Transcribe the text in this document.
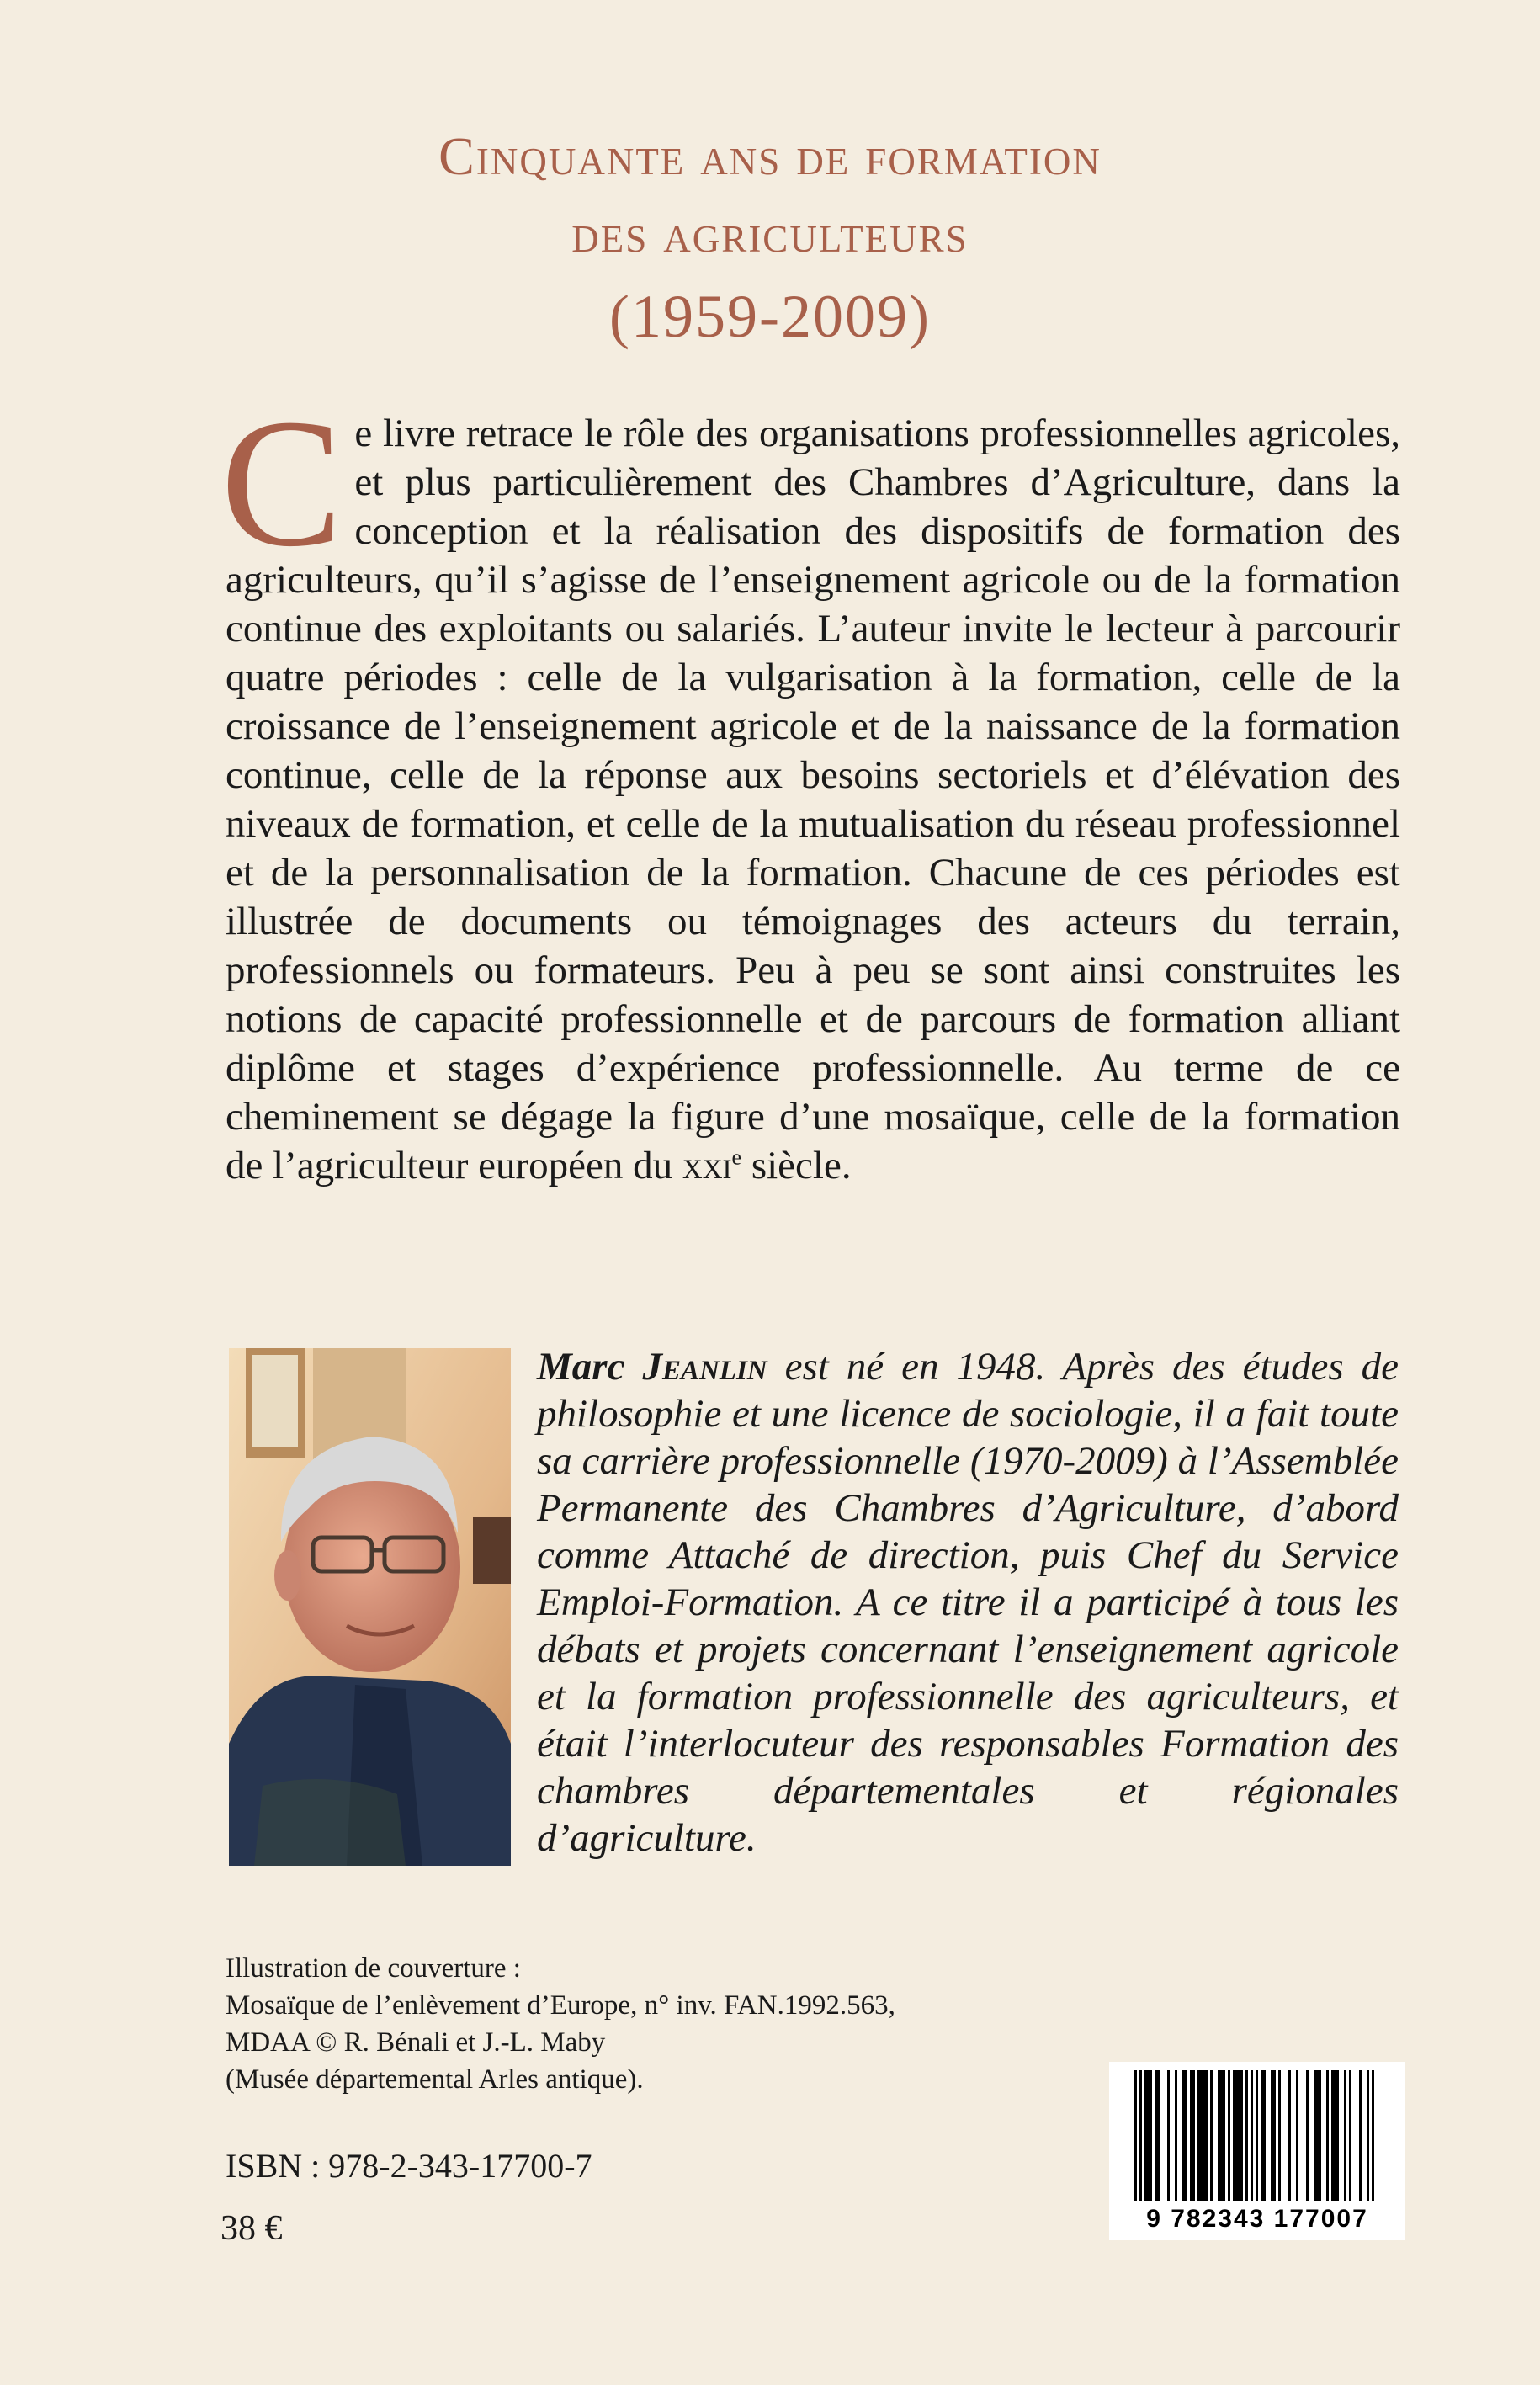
Cinquante ans de formation
des agriculteurs
(1959-2009)
Ce livre retrace le rôle des organisations professionnelles agricoles, et plus particulièrement des Chambres d’Agriculture, dans la conception et la réalisation des dispositifs de formation des agriculteurs, qu’il s’agisse de l’enseignement agricole ou de la formation continue des exploitants ou salariés. L’auteur invite le lecteur à parcourir quatre périodes : celle de la vulgarisation à la formation, celle de la croissance de l’enseignement agricole et de la naissance de la formation continue, celle de la réponse aux besoins sectoriels et d’élévation des niveaux de formation, et celle de la mutualisation du réseau professionnel et de la personnalisation de la formation. Chacune de ces périodes est illustrée de documents ou témoignages des acteurs du terrain, professionnels ou formateurs. Peu à peu se sont ainsi construites les notions de capacité professionnelle et de parcours de formation alliant diplôme et stages d’expérience professionnelle. Au terme de ce cheminement se dégage la figure d’une mosaïque, celle de la formation de l’agriculteur européen du xxi$^e$ siècle.
Marc Jeanlin est né en 1948. Après des études de philosophie et une licence de sociologie, il a fait toute sa carrière professionnelle (1970-2009) à l’Assemblée Permanente des Chambres d’Agriculture, d’abord comme Attaché de direction, puis Chef du Service Emploi-Formation. A ce titre il a participé à tous les débats et projets concernant l’enseignement agricole et la formation professionnelle des agriculteurs, et était l’interlocuteur des responsables Formation des chambres départementales et régionales d’agriculture.
Illustration de couverture :
Mosaïque de l’enlèvement d’Europe, n° inv. FAN.1992.563,
MDAA © R. Bénali et J.-L. Maby
(Musée départemental Arles antique).
ISBN : 978-2-343-17700-7
38 €	9 782343 177007
